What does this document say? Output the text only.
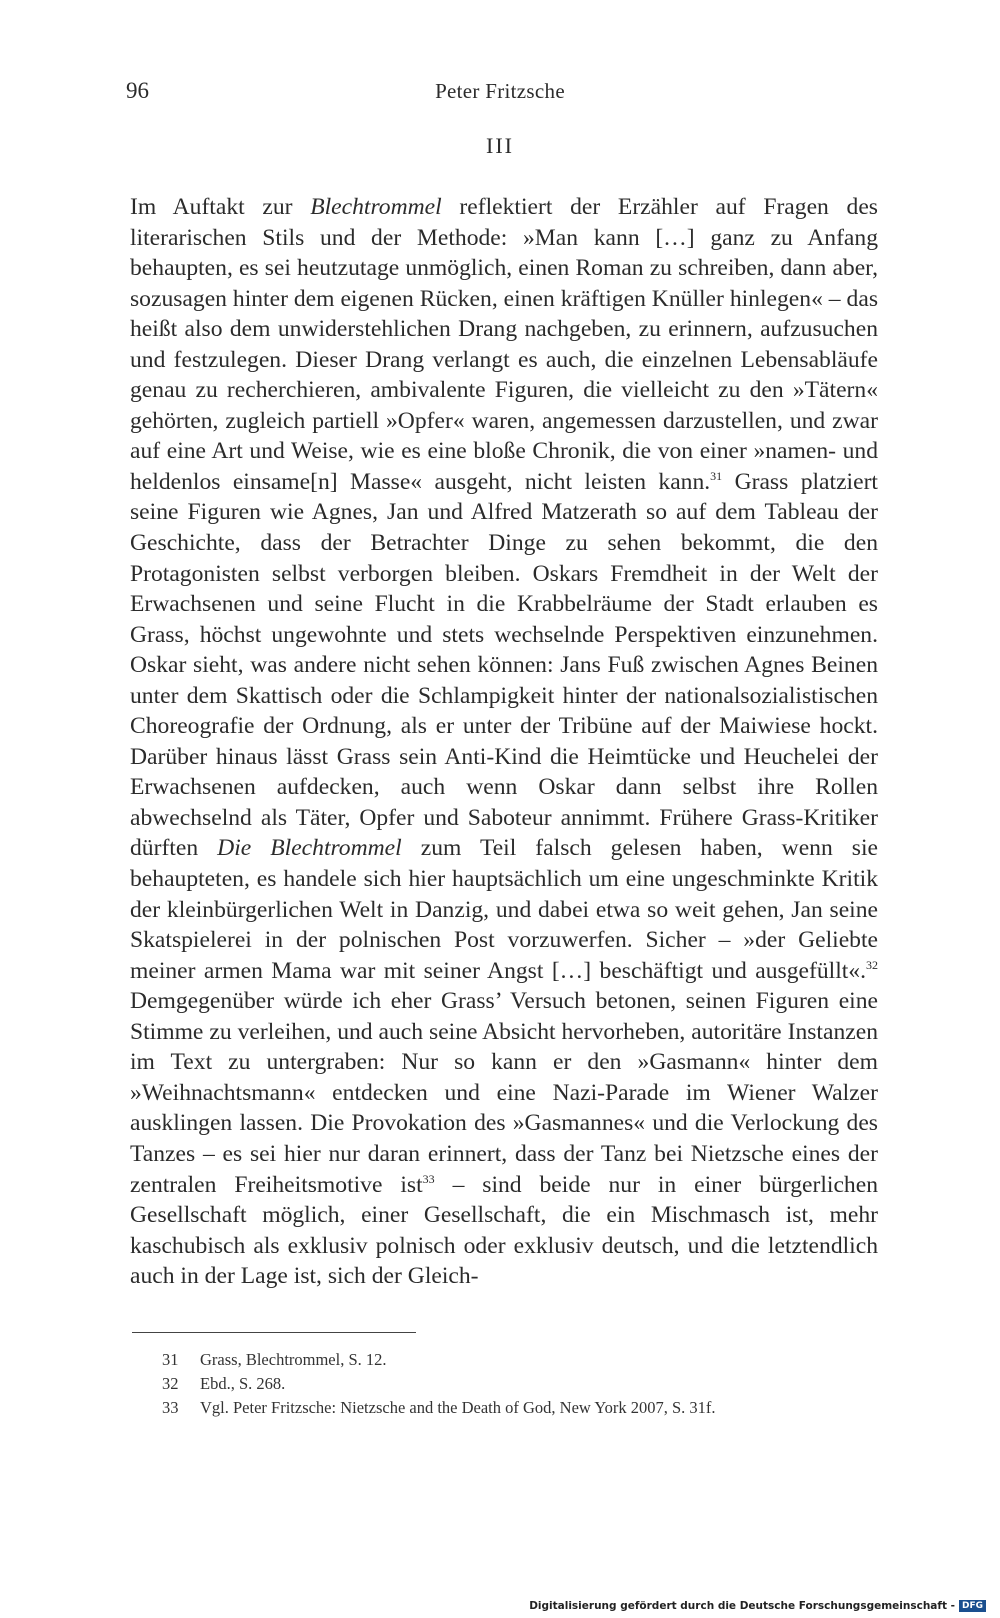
96	Peter Fritzsche
III

Im Auftakt zur Blechtrommel reflektiert der Erzähler auf Fragen des literarischen Stils und der Methode: »Man kann […] ganz zu Anfang behaupten, es sei heutzutage unmöglich, einen Roman zu schreiben, dann aber, sozusagen hinter dem eigenen Rücken, einen kräftigen Knüller hinlegen« – das heißt also dem unwiderstehlichen Drang nachgeben, zu erinnern, aufzusuchen und festzulegen. Dieser Drang verlangt es auch, die einzelnen Lebensabläufe genau zu recherchieren, ambivalente Figuren, die vielleicht zu den »Tätern« gehörten, zugleich partiell »Opfer« waren, angemessen darzustellen, und zwar auf eine Art und Weise, wie es eine bloße Chronik, die von einer »namen- und heldenlos einsame[n] Masse« ausgeht, nicht leisten kann.$^{31}$ Grass platziert seine Figuren wie Agnes, Jan und Alfred Matzerath so auf dem Tableau der Geschichte, dass der Betrachter Dinge zu sehen bekommt, die den Protagonisten selbst verborgen bleiben. Oskars Fremdheit in der Welt der Erwachsenen und seine Flucht in die Krabbelräume der Stadt erlauben es Grass, höchst ungewohnte und stets wechselnde Perspektiven einzunehmen. Oskar sieht, was andere nicht sehen können: Jans Fuß zwischen Agnes Beinen unter dem Skattisch oder die Schlampigkeit hinter der nationalsozialistischen Choreografie der Ordnung, als er unter der Tribüne auf der Maiwiese hockt. Darüber hinaus lässt Grass sein Anti-Kind die Heimtücke und Heuchelei der Erwachsenen aufdecken, auch wenn Oskar dann selbst ihre Rollen abwechselnd als Täter, Opfer und Saboteur annimmt. Frühere Grass-Kritiker dürften Die Blechtrommel zum Teil falsch gelesen haben, wenn sie behaupteten, es handele sich hier hauptsächlich um eine ungeschminkte Kritik der kleinbürgerlichen Welt in Danzig, und dabei etwa so weit gehen, Jan seine Skatspielerei in der polnischen Post vorzuwerfen. Sicher – »der Geliebte meiner armen Mama war mit seiner Angst […] beschäftigt und ausgefüllt«.$^{32}$ Demgegenüber würde ich eher Grass’ Versuch betonen, seinen Figuren eine Stimme zu verleihen, und auch seine Absicht hervorheben, autoritäre Instanzen im Text zu untergraben: Nur so kann er den »Gasmann« hinter dem »Weihnachtsmann« entdecken und eine Nazi-Parade im Wiener Walzer ausklingen lassen. Die Provokation des »Gasmannes« und die Verlockung des Tanzes – es sei hier nur daran erinnert, dass der Tanz bei Nietzsche eines der zentralen Freiheitsmotive ist$^{33}$ – sind beide nur in einer bürgerlichen Gesellschaft möglich, einer Gesellschaft, die ein Mischmasch ist, mehr kaschubisch als exklusiv polnisch oder exklusiv deutsch, und die letztendlich auch in der Lage ist, sich der Gleich-

31	Grass, Blechtrommel, S. 12.
32	Ebd., S. 268.
33	Vgl. Peter Fritzsche: Nietzsche and the Death of God, New York 2007, S. 31f.
Digitalisierung gefördert durch die Deutsche Forschungsgemeinschaft - DFG
